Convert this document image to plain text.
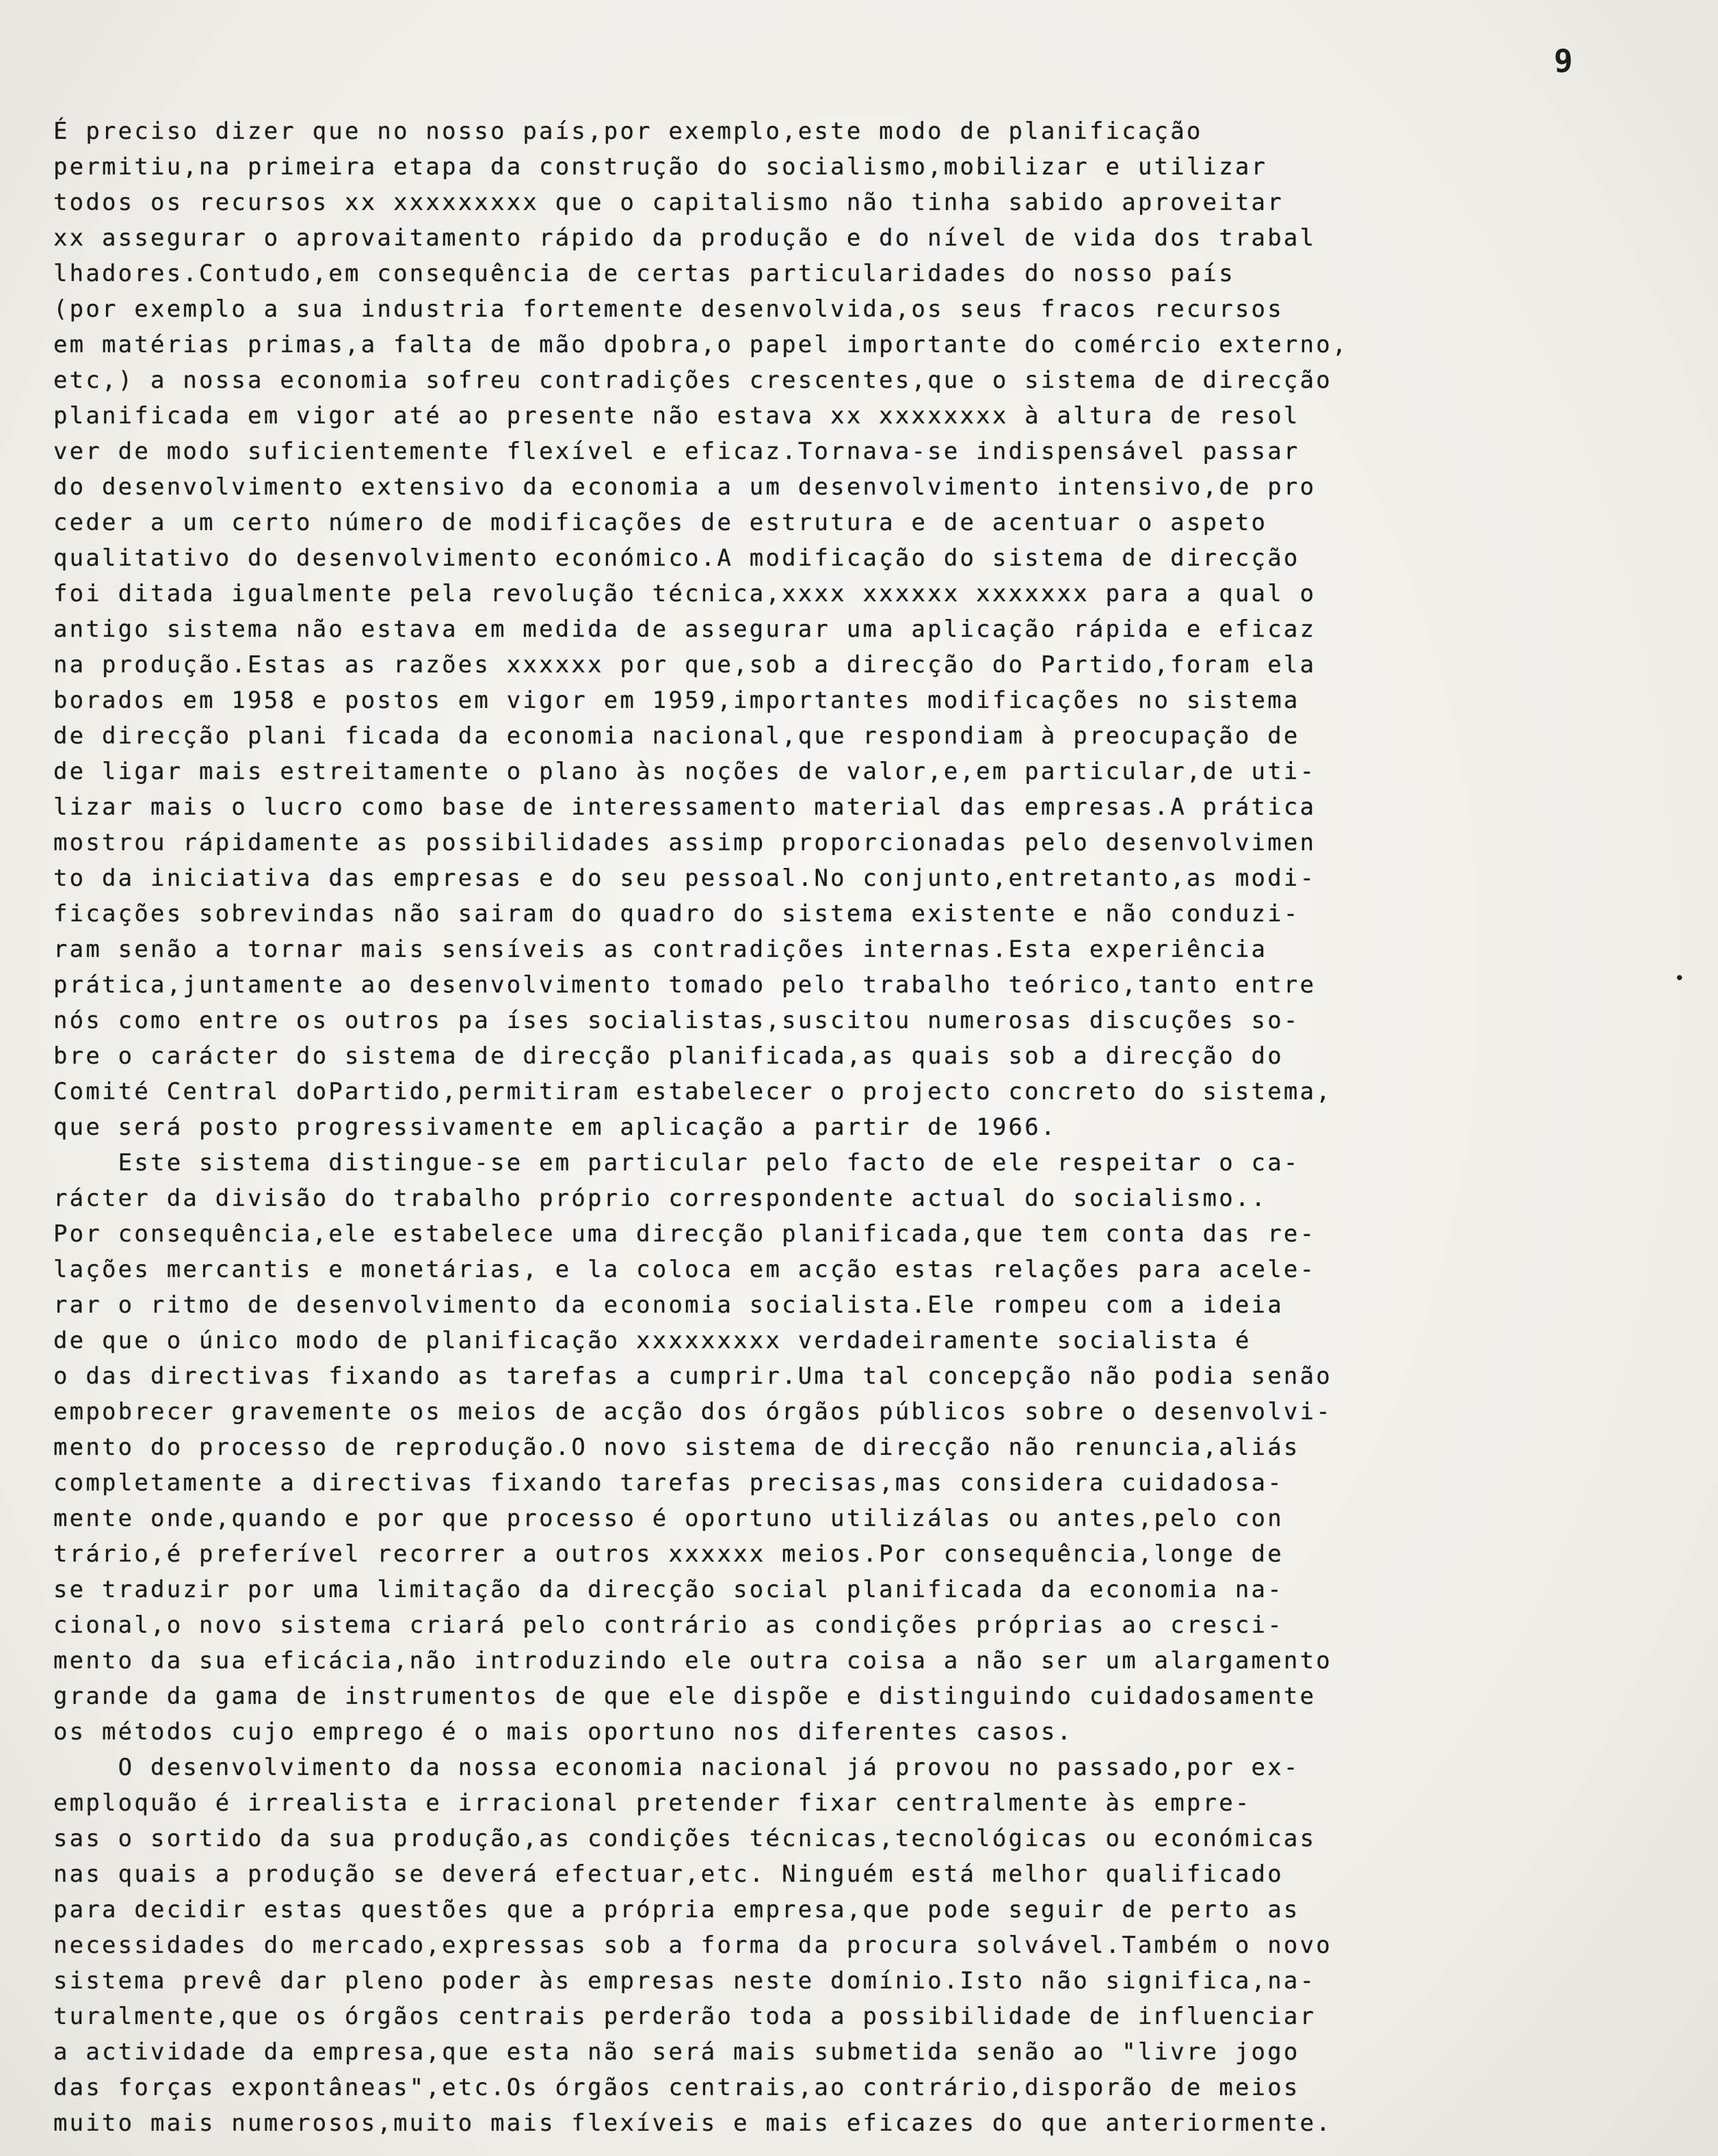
9
•
É preciso dizer que no nosso país,por exemplo,este modo de planificação
permitiu,na primeira etapa da construção do socialismo,mobilizar e utilizar
todos os recursos xx xxxxxxxxx que o capitalismo não tinha sabido aproveitar
xx assegurar o aprovaitamento rápido da produção e do nível de vida dos trabal
lhadores.Contudo,em consequência de certas particularidades do nosso país
(por exemplo a sua industria fortemente desenvolvida,os seus fracos recursos
em matérias primas,a falta de mão dpobra,o papel importante do comércio externo,
etc,) a nossa economia sofreu contradições crescentes,que o sistema de direcção
planificada em vigor até ao presente não estava xx xxxxxxxx à altura de resol
ver de modo suficientemente flexível e eficaz.Tornava-se indispensável passar
do desenvolvimento extensivo da economia a um desenvolvimento intensivo,de pro
ceder a um certo número de modificações de estrutura e de acentuar o aspeto
qualitativo do desenvolvimento económico.A modificação do sistema de direcção
foi ditada igualmente pela revolução técnica,xxxx xxxxxx xxxxxxx para a qual o
antigo sistema não estava em medida de assegurar uma aplicação rápida e eficaz
na produção.Estas as razões xxxxxx por que,sob a direcção do Partido,foram ela
borados em 1958 e postos em vigor em 1959,importantes modificações no sistema
de direcção plani ficada da economia nacional,que respondiam à preocupação de
de ligar mais estreitamente o plano às noções de valor,e,em particular,de uti-
lizar mais o lucro como base de interessamento material das empresas.A prática
mostrou rápidamente as possibilidades assimp proporcionadas pelo desenvolvimen
to da iniciativa das empresas e do seu pessoal.No conjunto,entretanto,as modi-
ficações sobrevindas não sairam do quadro do sistema existente e não conduzi-
ram senão a tornar mais sensíveis as contradições internas.Esta experiência
prática,juntamente ao desenvolvimento tomado pelo trabalho teórico,tanto entre
nós como entre os outros pa íses socialistas,suscitou numerosas discuções so-
bre o carácter do sistema de direcção planificada,as quais sob a direcção do
Comité Central doPartido,permitiram estabelecer o projecto concreto do sistema,
que será posto progressivamente em aplicação a partir de 1966.
Este sistema distingue-se em particular pelo facto de ele respeitar o ca-
rácter da divisão do trabalho próprio correspondente actual do socialismo..
Por consequência,ele estabelece uma direcção planificada,que tem conta das re-
lações mercantis e monetárias, e la coloca em acção estas relações para acele-
rar o ritmo de desenvolvimento da economia socialista.Ele rompeu com a ideia
de que o único modo de planificação xxxxxxxxx verdadeiramente socialista é
o das directivas fixando as tarefas a cumprir.Uma tal concepção não podia senão
empobrecer gravemente os meios de acção dos órgãos públicos sobre o desenvolvi-
mento do processo de reprodução.O novo sistema de direcção não renuncia,aliás
completamente a directivas fixando tarefas precisas,mas considera cuidadosa-
mente onde,quando e por que processo é oportuno utilizálas ou antes,pelo con
trário,é preferível recorrer a outros xxxxxx meios.Por consequência,longe de
se traduzir por uma limitação da direcção social planificada da economia na-
cional,o novo sistema criará pelo contrário as condições próprias ao cresci-
mento da sua eficácia,não introduzindo ele outra coisa a não ser um alargamento
grande da gama de instrumentos de que ele dispõe e distinguindo cuidadosamente
os métodos cujo emprego é o mais oportuno nos diferentes casos.
O desenvolvimento da nossa economia nacional já provou no passado,por ex-
emploquão é irrealista e irracional pretender fixar centralmente às empre-
sas o sortido da sua produção,as condições técnicas,tecnológicas ou económicas
nas quais a produção se deverá efectuar,etc. Ninguém está melhor qualificado
para decidir estas questões que a própria empresa,que pode seguir de perto as
necessidades do mercado,expressas sob a forma da procura solvável.Também o novo
sistema prevê dar pleno poder às empresas neste domínio.Isto não significa,na-
turalmente,que os órgãos centrais perderão toda a possibilidade de influenciar
a actividade da empresa,que esta não será mais submetida senão ao "livre jogo
das forças expontâneas",etc.Os órgãos centrais,ao contrário,disporão de meios
muito mais numerosos,muito mais flexíveis e mais eficazes do que anteriormente.
